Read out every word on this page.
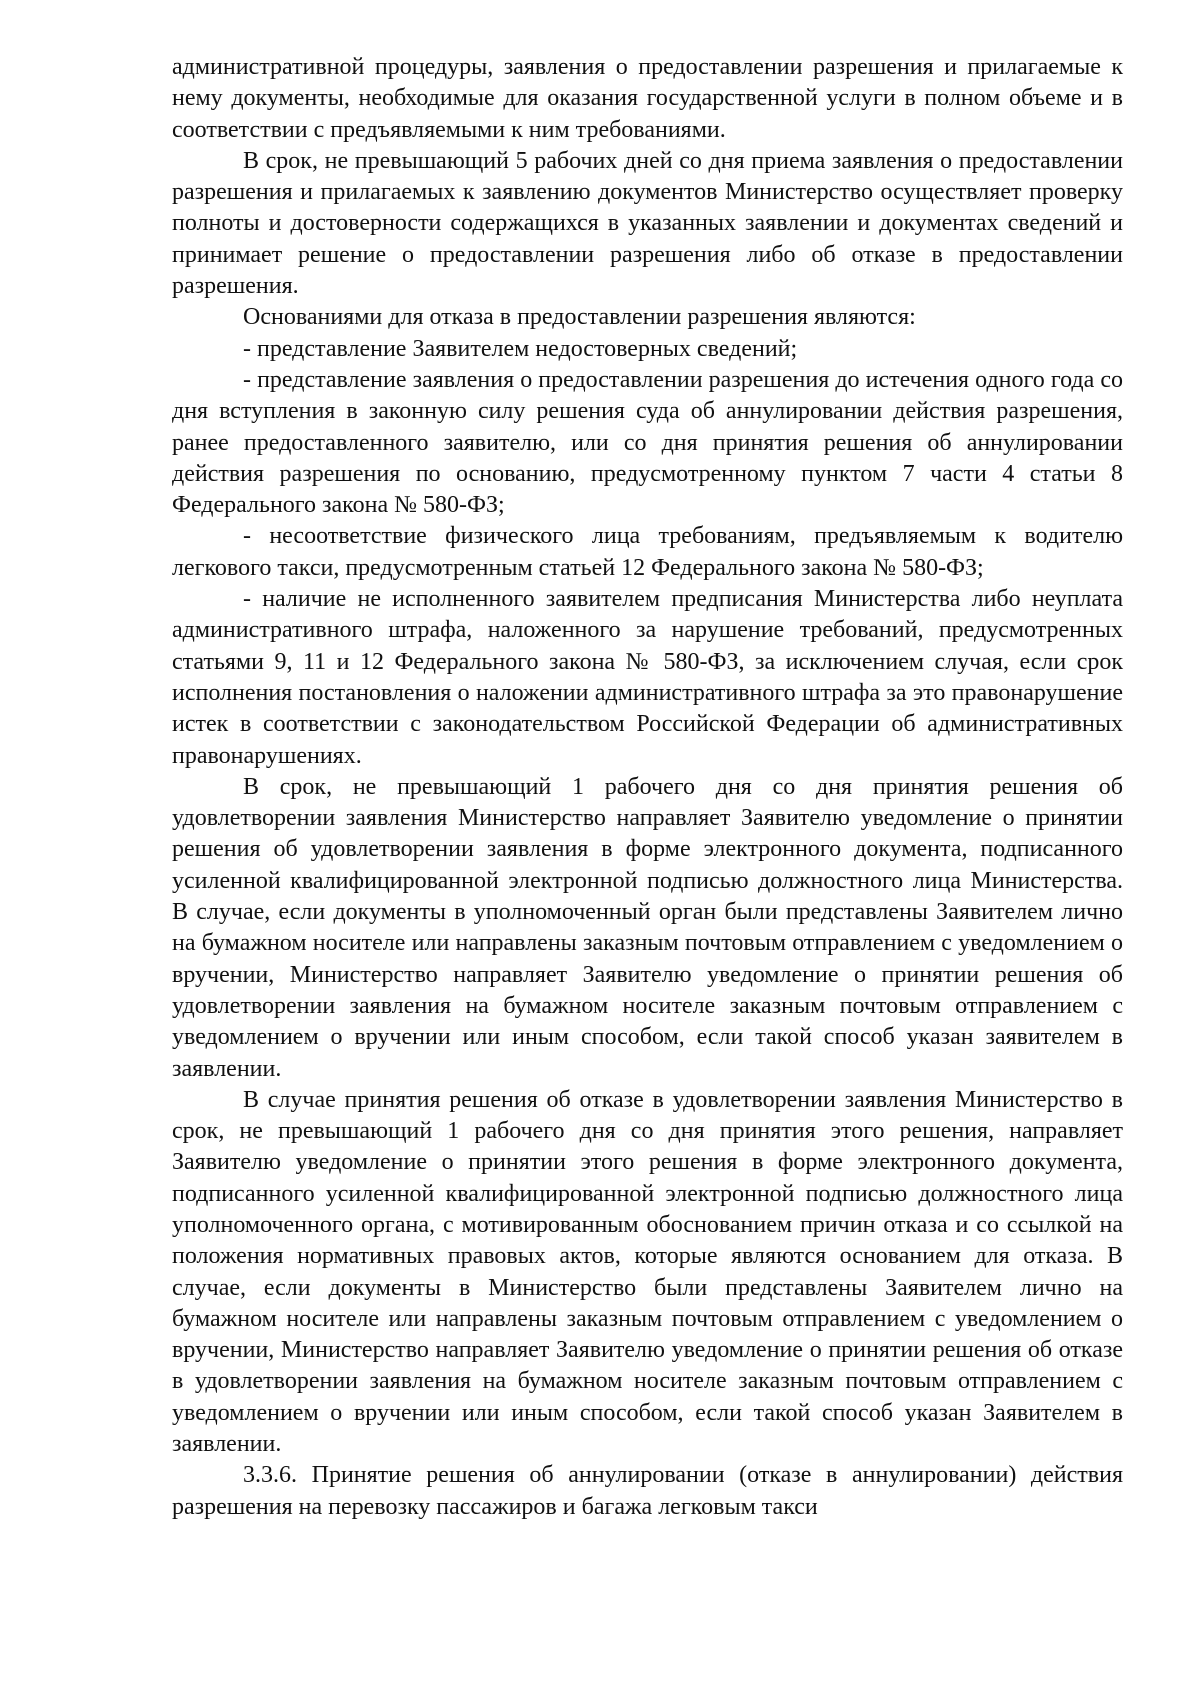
административной процедуры, заявления о предоставлении разрешения и прилагаемые к нему документы, необходимые для оказания государственной услуги в полном объеме и в соответствии с предъявляемыми к ним требованиями.

В срок, не превышающий 5 рабочих дней со дня приема заявления о предоставлении разрешения и прилагаемых к заявлению документов Министерство осуществляет проверку полноты и достоверности содержащихся в указанных заявлении и документах сведений и принимает решение о предоставлении разрешения либо об отказе в предоставлении разрешения.

Основаниями для отказа в предоставлении разрешения являются:

- представление Заявителем недостоверных сведений;

- представление заявления о предоставлении разрешения до истечения одного года со дня вступления в законную силу решения суда об аннулировании действия разрешения, ранее предоставленного заявителю, или со дня принятия решения об аннулировании действия разрешения по основанию, предусмотренному пунктом 7 части 4 статьи 8 Федерального закона № 580-ФЗ;

- несоответствие физического лица требованиям, предъявляемым к водителю легкового такси, предусмотренным статьей 12 Федерального закона № 580-ФЗ;

- наличие не исполненного заявителем предписания Министерства либо неуплата административного штрафа, наложенного за нарушение требований, предусмотренных статьями 9, 11 и 12 Федерального закона № 580-ФЗ, за исключением случая, если срок исполнения постановления о наложении административного штрафа за это правонарушение истек в соответствии с законодательством Российской Федерации об административных правонарушениях.

В срок, не превышающий 1 рабочего дня со дня принятия решения об удовлетворении заявления Министерство направляет Заявителю уведомление о принятии решения об удовлетворении заявления в форме электронного документа, подписанного усиленной квалифицированной электронной подписью должностного лица Министерства. В случае, если документы в уполномоченный орган были представлены Заявителем лично на бумажном носителе или направлены заказным почтовым отправлением с уведомлением о вручении, Министерство направляет Заявителю уведомление о принятии решения об удовлетворении заявления на бумажном носителе заказным почтовым отправлением с уведомлением о вручении или иным способом, если такой способ указан заявителем в заявлении.

В случае принятия решения об отказе в удовлетворении заявления Министерство в срок, не превышающий 1 рабочего дня со дня принятия этого решения, направляет Заявителю уведомление о принятии этого решения в форме электронного документа, подписанного усиленной квалифицированной электронной подписью должностного лица уполномоченного органа, с мотивированным обоснованием причин отказа и со ссылкой на положения нормативных правовых актов, которые являются основанием для отказа. В случае, если документы в Министерство были представлены Заявителем лично на бумажном носителе или направлены заказным почтовым отправлением с уведомлением о вручении, Министерство направляет Заявителю уведомление о принятии решения об отказе в удовлетворении заявления на бумажном носителе заказным почтовым отправлением с уведомлением о вручении или иным способом, если такой способ указан Заявителем в заявлении.

3.3.6. Принятие решения об аннулировании (отказе в аннулировании) действия разрешения на перевозку пассажиров и багажа легковым такси
